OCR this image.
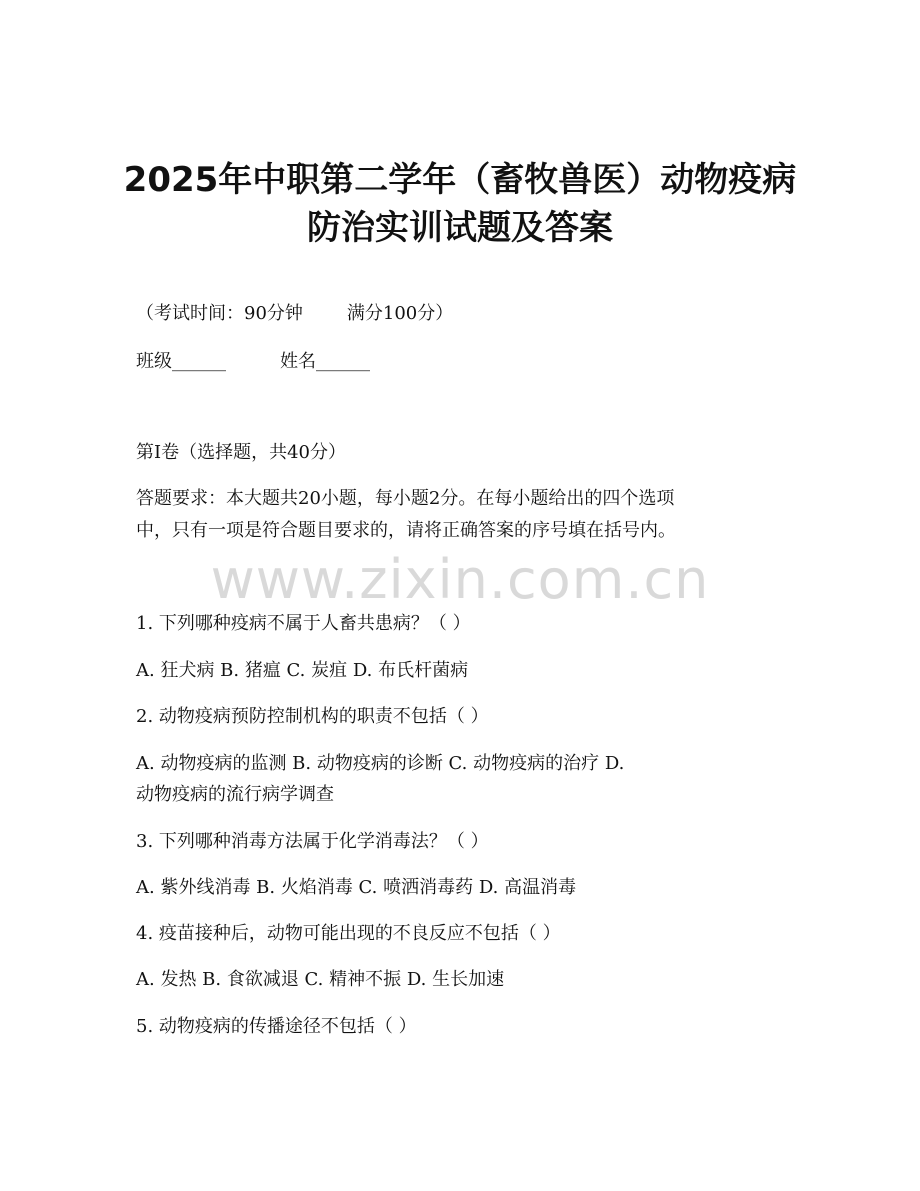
2025年中职第二学年（畜牧兽医）动物疫病
防治实训试题及答案
（考试时间：90分钟 满分100分）
班级______	姓名______
第I卷（选择题，共40分）
答题要求：本大题共20小题，每小题2分。在每小题给出的四个选项
中，只有一项是符合题目要求的，请将正确答案的序号填在括号内。
www.zixin.com.cn
1. 下列哪种疫病不属于人畜共患病？（ ）
A. 狂犬病 B. 猪瘟 C. 炭疽 D. 布氏杆菌病
2. 动物疫病预防控制机构的职责不包括（ ）
A. 动物疫病的监测 B. 动物疫病的诊断 C. 动物疫病的治疗 D.
动物疫病的流行病学调查
3. 下列哪种消毒方法属于化学消毒法？（ ）
A. 紫外线消毒 B. 火焰消毒 C. 喷洒消毒药 D. 高温消毒
4. 疫苗接种后，动物可能出现的不良反应不包括（ ）
A. 发热 B. 食欲减退 C. 精神不振 D. 生长加速
5. 动物疫病的传播途径不包括（ ）
